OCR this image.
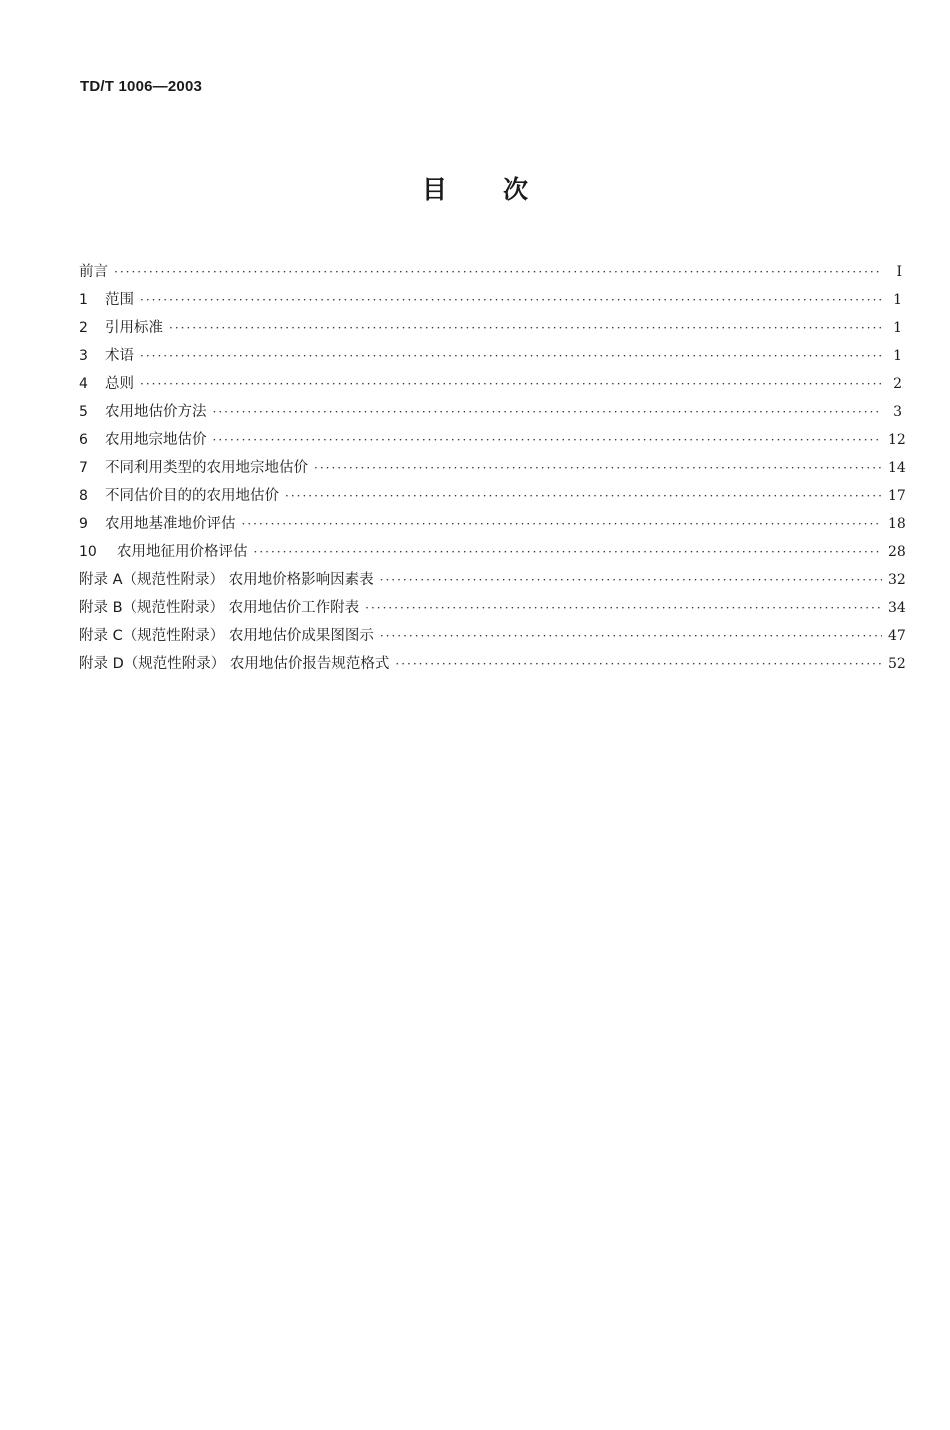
TD/T 1006—2003
目 次
前言 ·····	I
1	范围 ·····	1
2	引用标准 ·····	1
3	术语 ·····	1
4	总则 ·····	2
5	农用地估价方法 ·····	3
6	农用地宗地估价 ·····	12
7	不同利用类型的农用地宗地估价 ·····	14
8	不同估价目的的农用地估价 ·····	17
9	农用地基准地价评估 ·····	18
10	农用地征用价格评估 ·····	28
附录 A（规范性附录） 农用地价格影响因素表 ·····	32
附录 B（规范性附录） 农用地估价工作附表 ·····	34
附录 C（规范性附录） 农用地估价成果图图示 ·····	47
附录 D（规范性附录） 农用地估价报告规范格式 ·····	52
